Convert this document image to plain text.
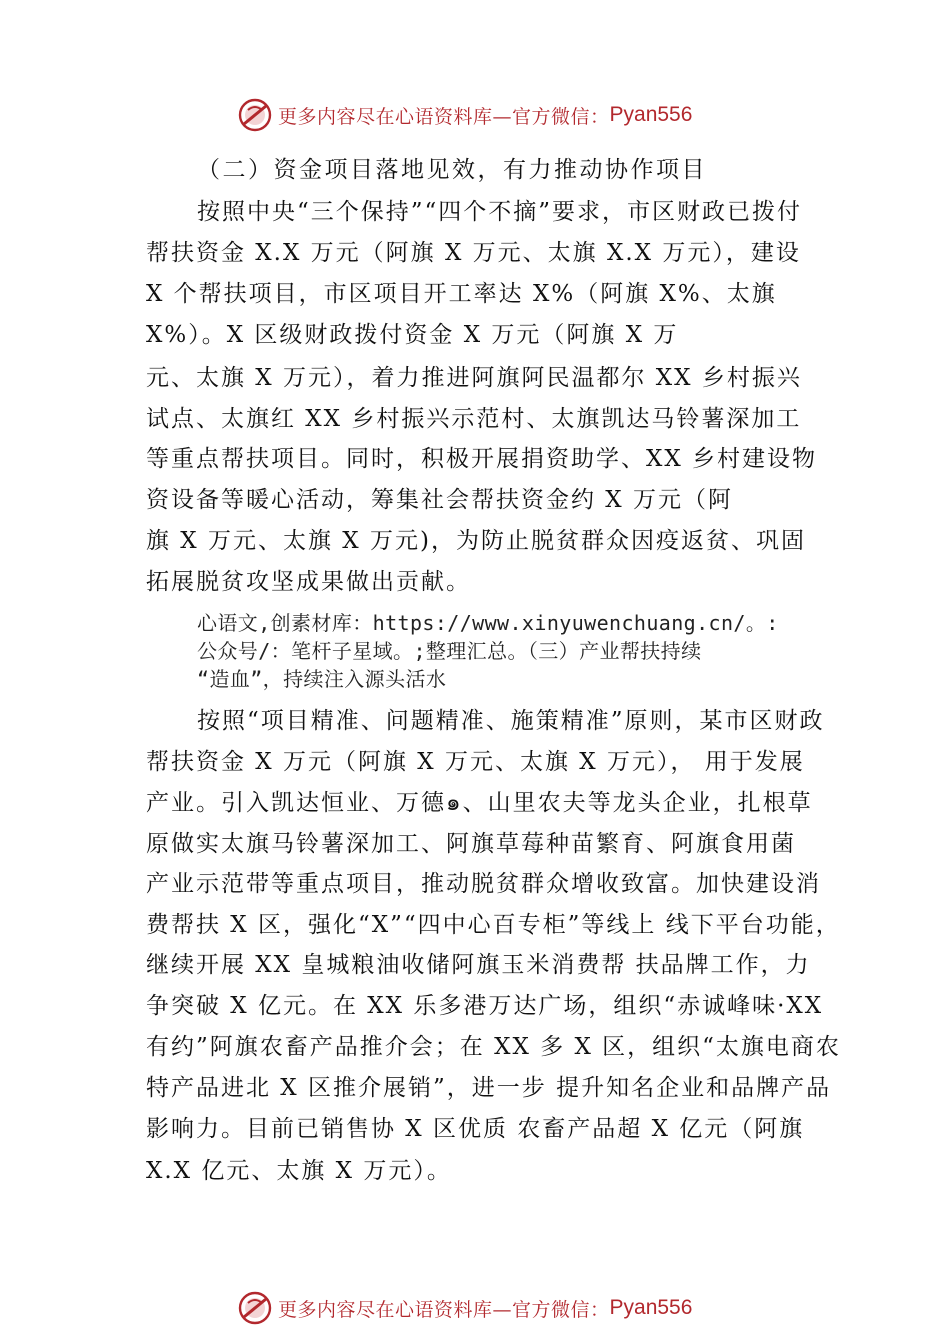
更多内容尽在心语资料库—官方微信： Pyan556
（二）资金项目落地见效，有力推动协作项目
按照中央“三个保持”“四个不摘”要求，市区财政已拨付
帮扶资金 X.X 万元（阿旗 X 万元、太旗 X.X 万元），建设
X 个帮扶项目，市区项目开工率达 X%（阿旗 X%、太旗
X%）。X 区级财政拨付资金 X 万元（阿旗 X 万
元、太旗 X 万元），着力推进阿旗阿民温都尔 XX 乡村振兴
试点、太旗红 XX 乡村振兴示范村、太旗凯达马铃薯深加工
等重点帮扶项目。同时，积极开展捐资助学、XX 乡村建设物
资设备等暖心活动，筹集社会帮扶资金约 X 万元（阿
旗 X 万元、太旗 X 万元)，为防止脱贫群众因疫返贫、巩固
拓展脱贫攻坚成果做出贡献。
心语文,创素材库：https://www.xinyuwenchuang.cn/。:
公众号/：笔杆子星域。;整理汇总。（三）产业帮扶持续
“造血”，持续注入源头活水
按照“项目精准、问题精准、施策精准”原则，某市区财政
帮扶资金 X 万元（阿旗 X 万元、太旗 X 万元）， 用于发展
产业。引入凯达恒业、万德๑、山里农夫等龙头企业，扎根草
原做实太旗马铃薯深加工、阿旗草莓种苗繁育、阿旗食用菌
产业示范带等重点项目，推动脱贫群众增收致富。加快建设消
费帮扶 X 区，强化“X”“四中心百专柜”等线上 线下平台功能，
继续开展 XX 皇城粮油收储阿旗玉米消费帮 扶品牌工作，力
争突破 X 亿元。在 XX 乐多港万达广场，组织“赤诚峰味·XX
有约”阿旗农畜产品推介会；在 XX 多 X 区，组织“太旗电商农
特产品进北 X 区推介展销”，进一步 提升知名企业和品牌产品
影响力。目前已销售协 X 区优质 农畜产品超 X 亿元（阿旗
X.X 亿元、太旗 X 万元）。
更多内容尽在心语资料库—官方微信： Pyan556
